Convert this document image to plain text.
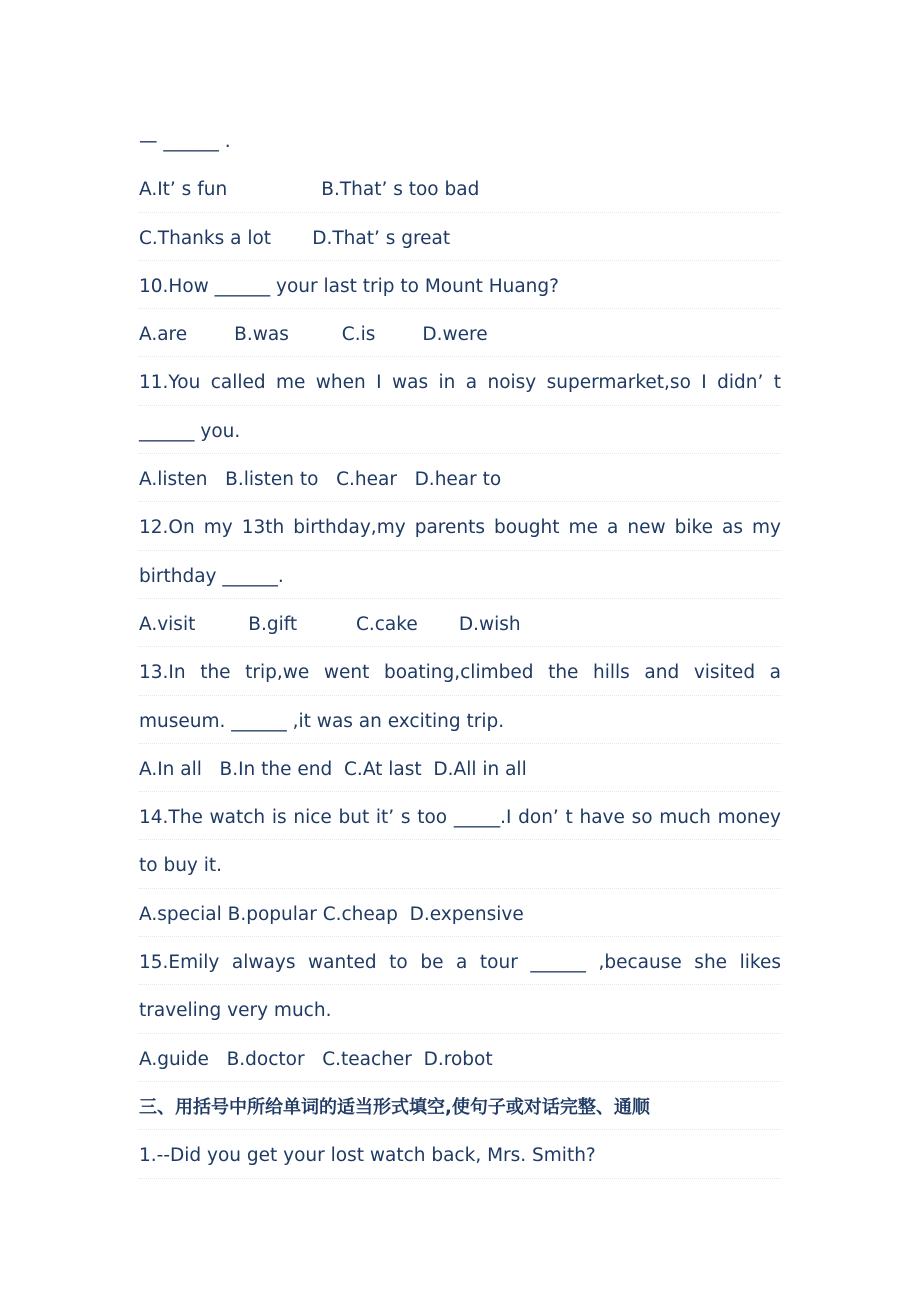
— ______ .
A.It’ s fun                B.That’ s too bad
C.Thanks a lot       D.That’ s great
10.How ______ your last trip to Mount Huang?
A.are        B.was         C.is        D.were
11.You called me when I was in a noisy supermarket,so I didn’ t
______ you.
A.listen   B.listen to   C.hear   D.hear to
12.On my 13th birthday,my parents bought me a new bike as my
birthday ______.
A.visit         B.gift          C.cake       D.wish
13.In the trip,we went boating,climbed the hills and visited a
museum. ______ ,it was an exciting trip.
A.In all   B.In the end  C.At last  D.All in all
14.The watch is nice but it’ s too _____.I don’ t have so much money
to buy it.
A.special B.popular C.cheap  D.expensive
15.Emily always wanted to be a tour ______ ,because she likes
traveling very much.
A.guide   B.doctor   C.teacher  D.robot
三、用括号中所给单词的适当形式填空,使句子或对话完整、通顺
1.--Did you get your lost watch back, Mrs. Smith?
